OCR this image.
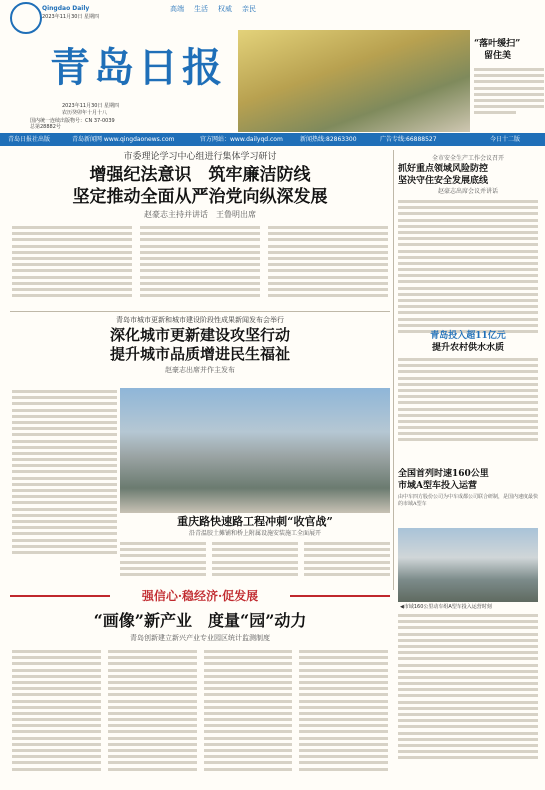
Qingdao Daily
2023年11月30日 星期四
高端 生活 权威 亲民
青岛日报
2023年11月30日 星期四
农历癸卯年十月十八
国内统一连续出版物号：CN 37-0039
总第28882号
“落叶缓扫”
留住美
青岛日报社出版	青岛新闻网 www.qingdaonews.com	官方网站：www.dailyqd.com	新闻热线:82863300	广告专线:66888527	今日十二版
市委理论学习中心组进行集体学习研讨
增强纪法意识　筑牢廉洁防线
坚定推动全面从严治党向纵深发展
赵豪志主持并讲话　王鲁明出席
全市安全生产工作会议召开
抓好重点领域风险防控
坚决守住安全发展底线
赵豪志出席会议并讲话
青岛市城市更新和城市建设阶段性成果新闻发布会举行
深化城市更新建设攻坚行动
提升城市品质增进民生福祉
赵豪志出席并作主发布
重庆路快速路工程冲刺“收官战”
沿青温胶土摊铺和桥上附属设施安装施工全面展开
青岛投入超11亿元
提升农村供水水质
全国首列时速160公里
市域A型车投入运营
由中车四方股份公司为中车成都公司联合研制，是国内速度最快的市域A型车
◀市域160公里动车组A型车投入运营时刻
强信心·稳经济·促发展
“画像”新产业　度量“园”动力
青岛创新建立新兴产业专业园区统计监测制度
